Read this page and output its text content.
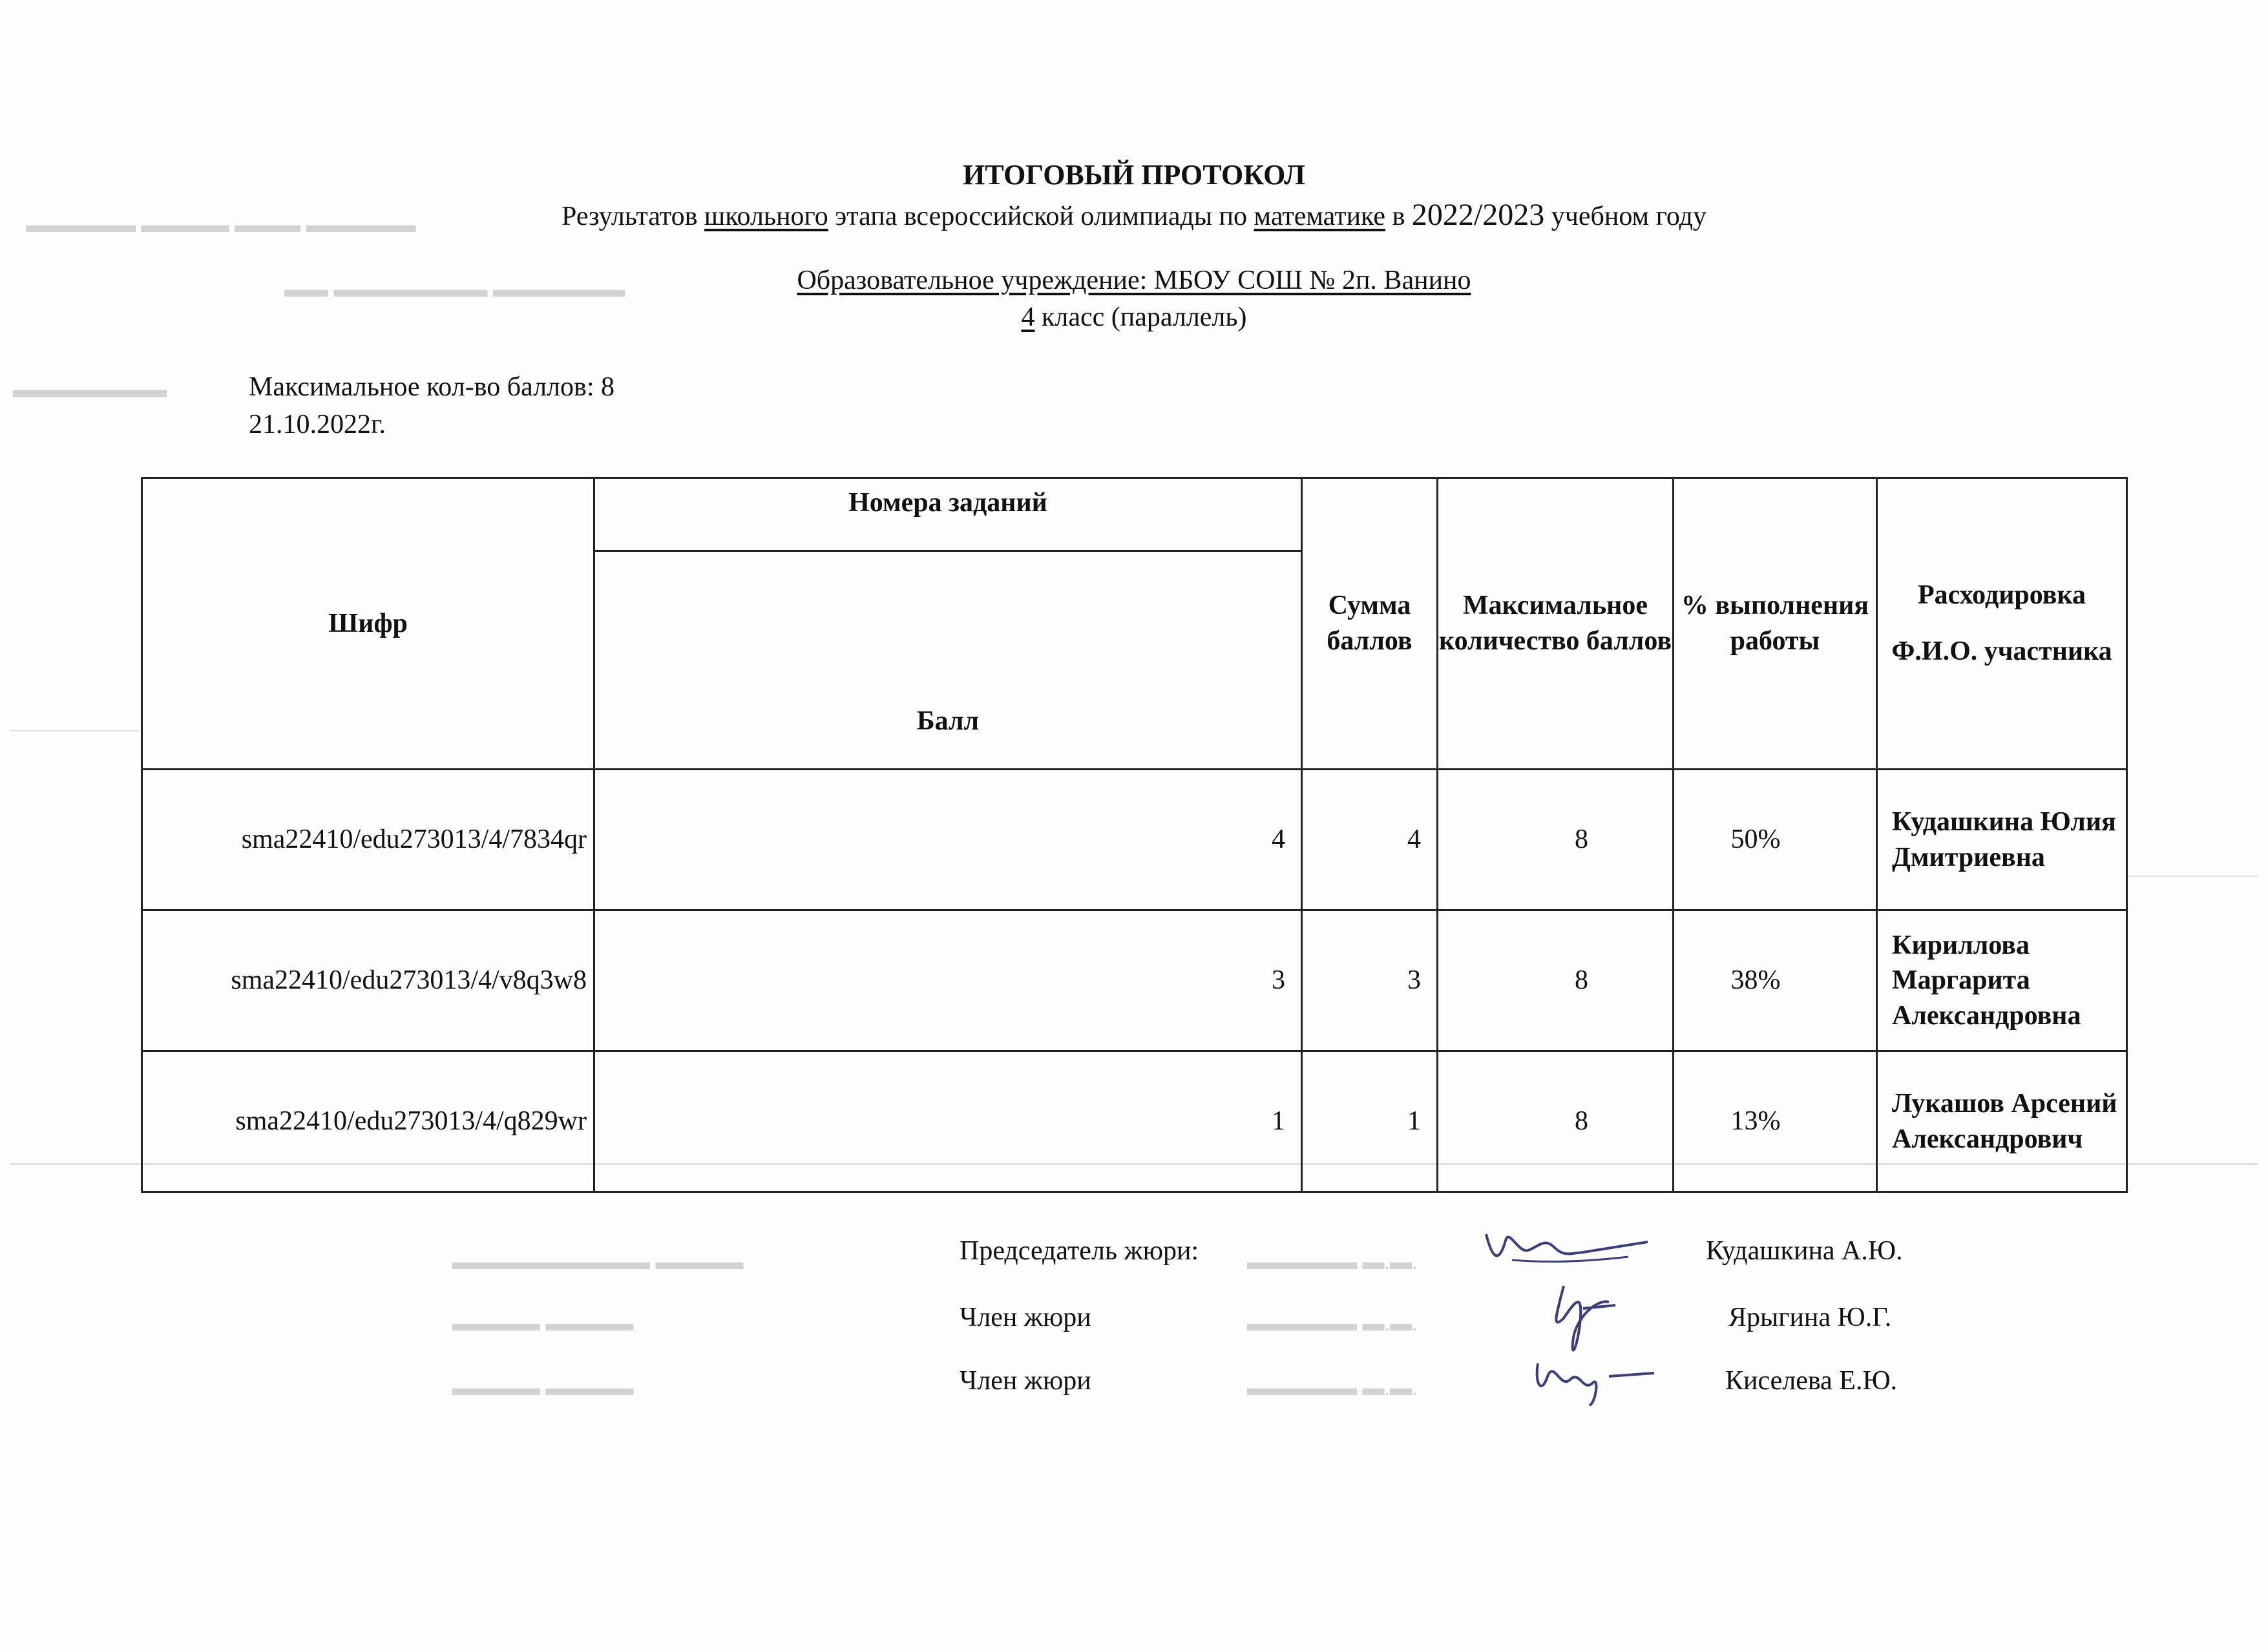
▬▬▬▬▬ ▬▬▬▬ ▬▬▬ ▬▬▬▬▬
▬▬ ▬▬▬▬▬▬▬ ▬▬▬▬▬▬
▬▬▬▬▬▬▬
▬▬▬▬▬▬▬▬▬ ▬▬▬▬
▬▬▬▬ ▬▬▬▬
▬▬▬▬ ▬▬▬▬
▬▬▬▬▬ ▬.▬.
▬▬▬▬▬ ▬.▬.
▬▬▬▬▬ ▬.▬.
ИТОГОВЫЙ ПРОТОКОЛ
Результатов школьного этапа всероссийской олимпиады по математике в 2022/2023 учебном году
Образовательное учреждение: МБОУ СОШ № 2п. Ванино
4 класс (параллель)
Максимальное кол-во баллов: 8
21.10.2022г.
Шифр	Номера заданий	Сумма баллов	Максимальное количество баллов	% выполнения работы	Расходировка
Ф.И.О. участника

	Балл				
sma22410/edu273013/4/7834qr	4	4	8	50%	Кудашкина Юлия Дмитриевна
sma22410/edu273013/4/v8q3w8	3	3	8	38%	Кириллова Маргарита Александровна
sma22410/edu273013/4/q829wr	1	1	8	13%	Лукашов Арсений Александрович
Председатель жюри:	Кудашкина А.Ю.
Член жюри	Ярыгина Ю.Г.
Член жюри	Киселева Е.Ю.
